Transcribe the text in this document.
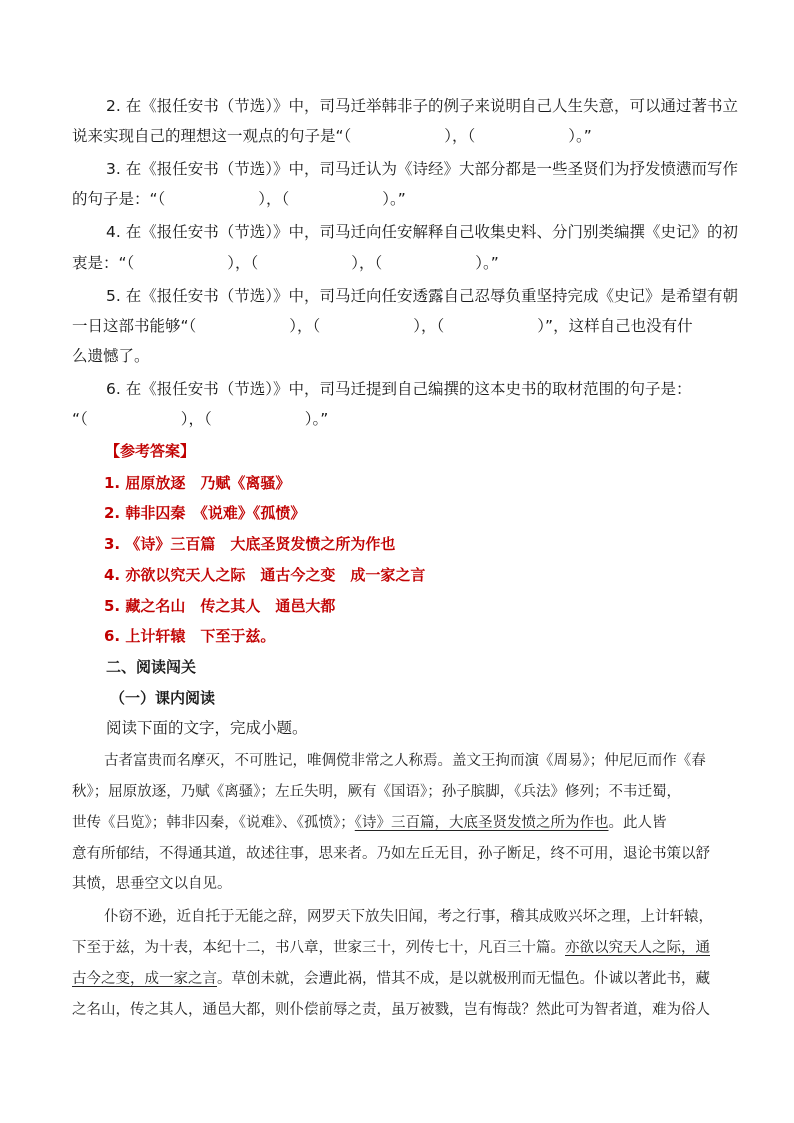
2. 在《报任安书（节选）》中，司马迁举韩非子的例子来说明自己人生失意，可以通过著书立
说来实现自己的理想这一观点的句子是“（　　　　　　），（　　　　　　）。”
3. 在《报任安书（节选）》中，司马迁认为《诗经》大部分都是一些圣贤们为抒发愤懑而写作
的句子是：“（　　　　　　），（　　　　　　）。”
4. 在《报任安书（节选）》中，司马迁向任安解释自己收集史料、分门别类编撰《史记》的初
衷是：“（　　　　　　），（　　　　　　），（　　　　　　）。”
5. 在《报任安书（节选）》中，司马迁向任安透露自己忍辱负重坚持完成《史记》是希望有朝
一日这部书能够“（　　　　　　），（　　　　　　），（　　　　　　）”，这样自己也没有什
么遗憾了。
6. 在《报任安书（节选）》中，司马迁提到自己编撰的这本史书的取材范围的句子是：
“（　　　　　　），（　　　　　　）。”
【参考答案】
1. 屈原放逐　乃赋《离骚》
2. 韩非囚秦　《说难》《孤愤》
3. 《诗》三百篇　大底圣贤发愤之所为作也
4. 亦欲以究天人之际　通古今之变　成一家之言
5. 藏之名山　传之其人　通邑大都
6. 上计轩辕　下至于兹。
二、阅读闯关
（一）课内阅读
阅读下面的文字，完成小题。
古者富贵而名摩灭，不可胜记，唯倜傥非常之人称焉。盖文王拘而演《周易》；仲尼厄而作《春
秋》；屈原放逐，乃赋《离骚》；左丘失明，厥有《国语》；孙子膑脚，《兵法》修列；不韦迁蜀，
世传《吕览》；韩非囚秦，《说难》、《孤愤》；《诗》三百篇，大底圣贤发愤之所为作也。此人皆
意有所郁结，不得通其道，故述往事，思来者。乃如左丘无目，孙子断足，终不可用，退论书策以舒
其愤，思垂空文以自见。
仆窃不逊，近自托于无能之辞，网罗天下放失旧闻，考之行事，稽其成败兴坏之理，上计轩辕，
下至于兹，为十表，本纪十二，书八章，世家三十，列传七十，凡百三十篇。亦欲以究天人之际，通
古今之变，成一家之言。草创未就，会遭此祸，惜其不成，是以就极刑而无愠色。仆诚以著此书，藏
之名山，传之其人，通邑大都，则仆偿前辱之责，虽万被戮，岂有悔哉？然此可为智者道，难为俗人
